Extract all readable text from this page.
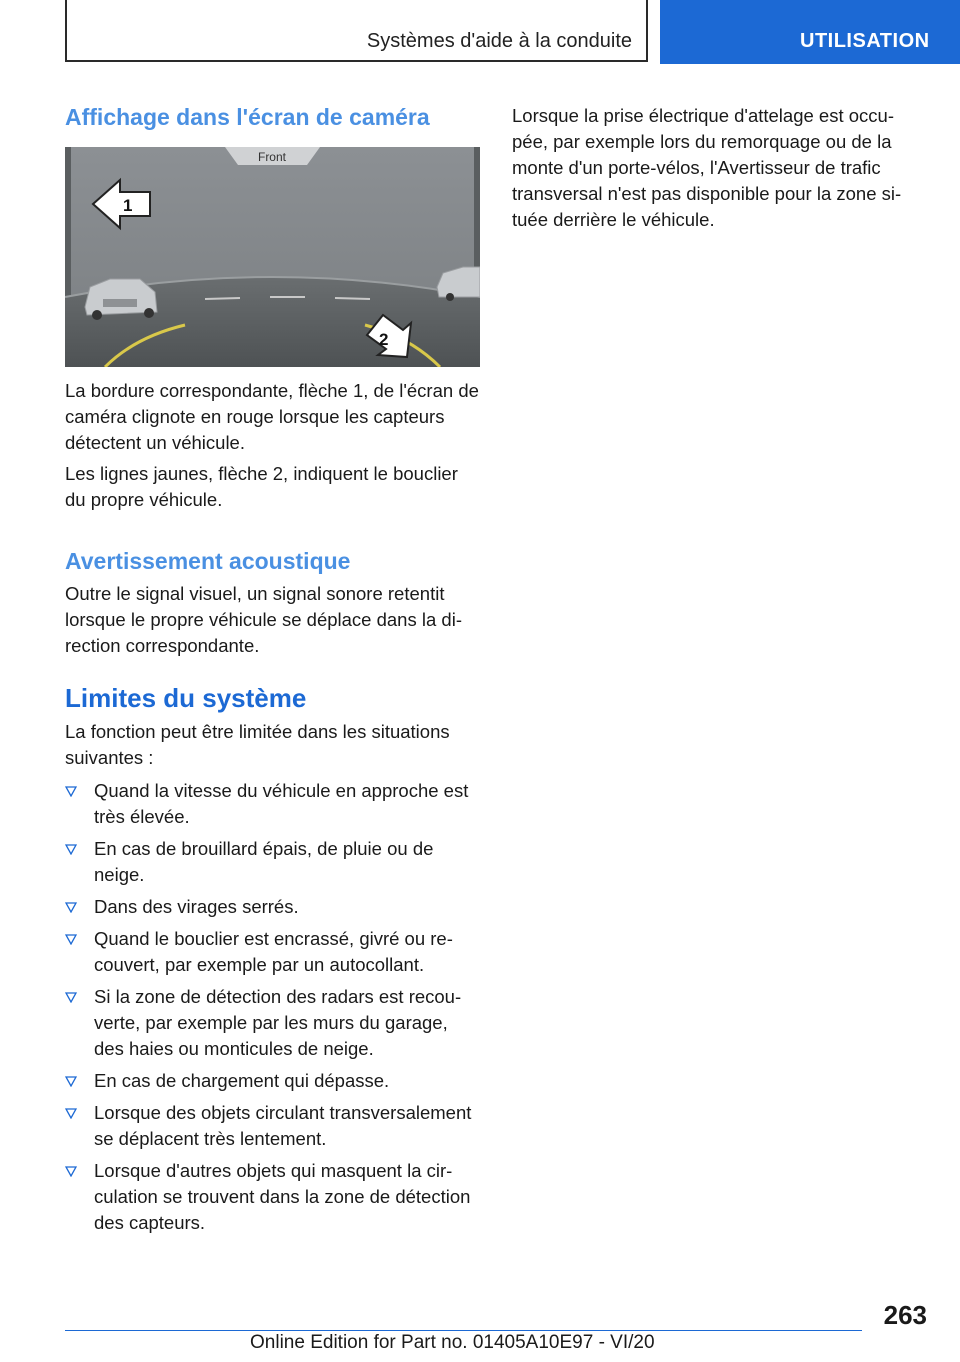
Systèmes d'aide à la conduite	UTILISATION
Affichage dans l'écran de caméra
Front
1
2

La bordure correspondante, flèche 1, de l'écran de caméra clignote en rouge lorsque les capteurs détectent un véhicule.

Les lignes jaunes, flèche 2, indiquent le bouclier du propre véhicule.

Avertissement acoustique

Outre le signal visuel, un signal sonore retentit lorsque le propre véhicule se déplace dans la direction correspondante.

Limites du système

La fonction peut être limitée dans les situations suivantes :

Quand la vitesse du véhicule en approche est très élevée.
En cas de brouillard épais, de pluie ou de neige.
Dans des virages serrés.
Quand le bouclier est encrassé, givré ou recouvert, par exemple par un autocollant.
Si la zone de détection des radars est recouverte, par exemple par les murs du garage, des haies ou monticules de neige.
En cas de chargement qui dépasse.
Lorsque des objets circulant transversalement se déplacent très lentement.
Lorsque d'autres objets qui masquent la circulation se trouvent dans la zone de détection des capteurs.

Lorsque la prise électrique d'attelage est occupée, par exemple lors du remorquage ou de la monte d'un porte-vélos, l'Avertisseur de trafic transversal n'est pas disponible pour la zone située derrière le véhicule.

263
Online Edition for Part no. 01405A10E97 - VI/20
